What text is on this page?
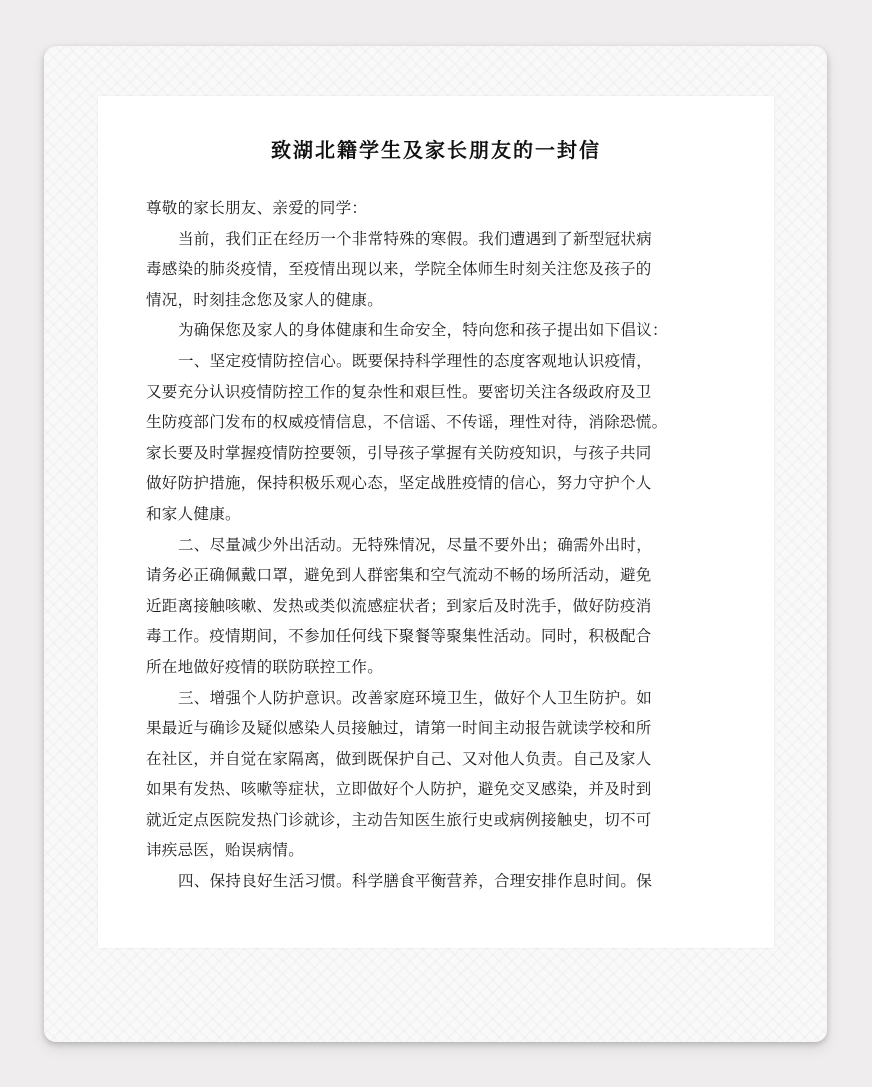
致湖北籍学生及家长朋友的一封信
尊敬的家长朋友、亲爱的同学：
当前，我们正在经历一个非常特殊的寒假。我们遭遇到了新型冠状病
毒感染的肺炎疫情，至疫情出现以来，学院全体师生时刻关注您及孩子的
情况，时刻挂念您及家人的健康。
为确保您及家人的身体健康和生命安全，特向您和孩子提出如下倡议：
一、坚定疫情防控信心。既要保持科学理性的态度客观地认识疫情，
又要充分认识疫情防控工作的复杂性和艰巨性。要密切关注各级政府及卫
生防疫部门发布的权威疫情信息，不信谣、不传谣，理性对待，消除恐慌。
家长要及时掌握疫情防控要领，引导孩子掌握有关防疫知识，与孩子共同
做好防护措施，保持积极乐观心态，坚定战胜疫情的信心，努力守护个人
和家人健康。
二、尽量减少外出活动。无特殊情况，尽量不要外出；确需外出时，
请务必正确佩戴口罩，避免到人群密集和空气流动不畅的场所活动，避免
近距离接触咳嗽、发热或类似流感症状者；到家后及时洗手，做好防疫消
毒工作。疫情期间，不参加任何线下聚餐等聚集性活动。同时，积极配合
所在地做好疫情的联防联控工作。
三、增强个人防护意识。改善家庭环境卫生，做好个人卫生防护。如
果最近与确诊及疑似感染人员接触过，请第一时间主动报告就读学校和所
在社区，并自觉在家隔离，做到既保护自己、又对他人负责。自己及家人
如果有发热、咳嗽等症状，立即做好个人防护，避免交叉感染，并及时到
就近定点医院发热门诊就诊，主动告知医生旅行史或病例接触史，切不可
讳疾忌医，贻误病情。
四、保持良好生活习惯。科学膳食平衡营养，合理安排作息时间。保
